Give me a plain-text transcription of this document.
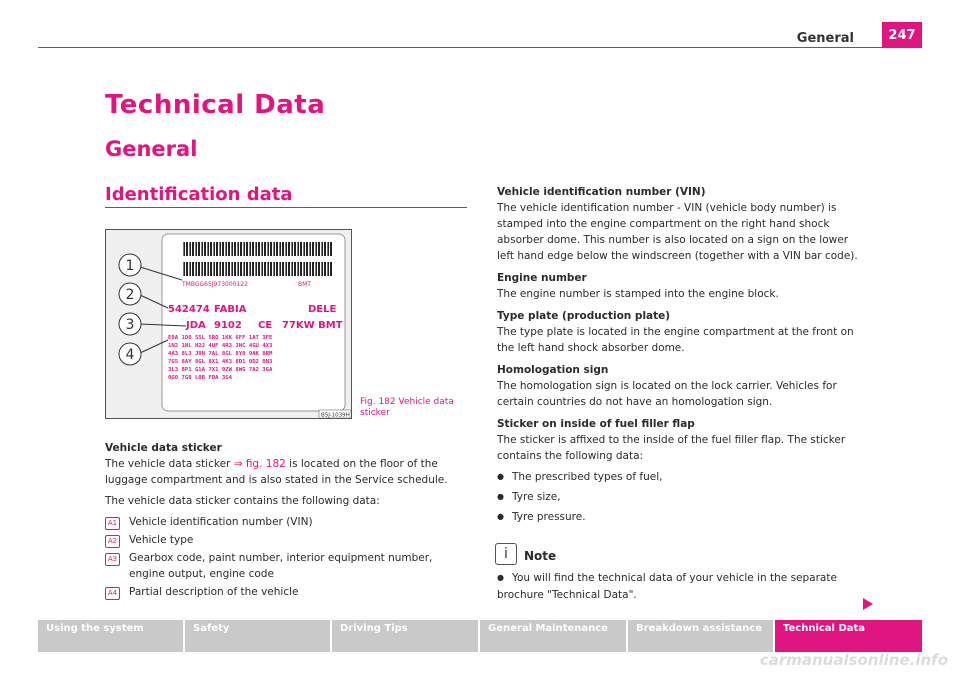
General	247
Technical Data
General
Identification data
TMBGG65J973000122	BMT
542474 FABIA	DELE
JDA 9102 CE 77KW BMT
E0A 1D0 S5L 5RQ 1KK 6FF 1AT 3FE
1N2 1NL H2J 4UF 4R3 3NC 4GU 4X3
4A3 8L3 J0N 7AL 8GL 8Y0 9AK 8RM
7G5 8AY 8GL 8X1 4K3 8D1 0D2 0N3
3L3 8P1 G1A 7X1 9ZW 8WG 7A2 3GA
0G0 7G0 L0B FDA 3S4
1
2
3
4
B5J-1039H
Fig. 182 Vehicle data sticker
Vehicle data sticker
The vehicle data sticker ⇒ fig. 182 is located on the floor of the luggage compartment and is also stated in the Service schedule.
The vehicle data sticker contains the following data:
A1	Vehicle identification number (VIN)
A2	Vehicle type
A3	Gearbox code, paint number, interior equipment number, engine output, engine code
A4	Partial description of the vehicle
Vehicle identification number (VIN)
The vehicle identification number - VIN (vehicle body number) is stamped into the engine compartment on the right hand shock absorber dome. This number is also located on a sign on the lower left hand edge below the windscreen (together with a VIN bar code).
Engine number
The engine number is stamped into the engine block.
Type plate (production plate)
The type plate is located in the engine compartment at the front on the left hand shock absorber dome.
Homologation sign
The homologation sign is located on the lock carrier. Vehicles for certain countries do not have an homologation sign.
Sticker on inside of fuel filler flap
The sticker is affixed to the inside of the fuel filler flap. The sticker contains the following data:
● The prescribed types of fuel,
● Tyre size,
● Tyre pressure.
i	Note
● You will find the technical data of your vehicle in the separate brochure "Technical Data".
Using the system	Safety	Driving Tips	General Maintenance	Breakdown assistance	Technical Data
carmanualsonline.info
